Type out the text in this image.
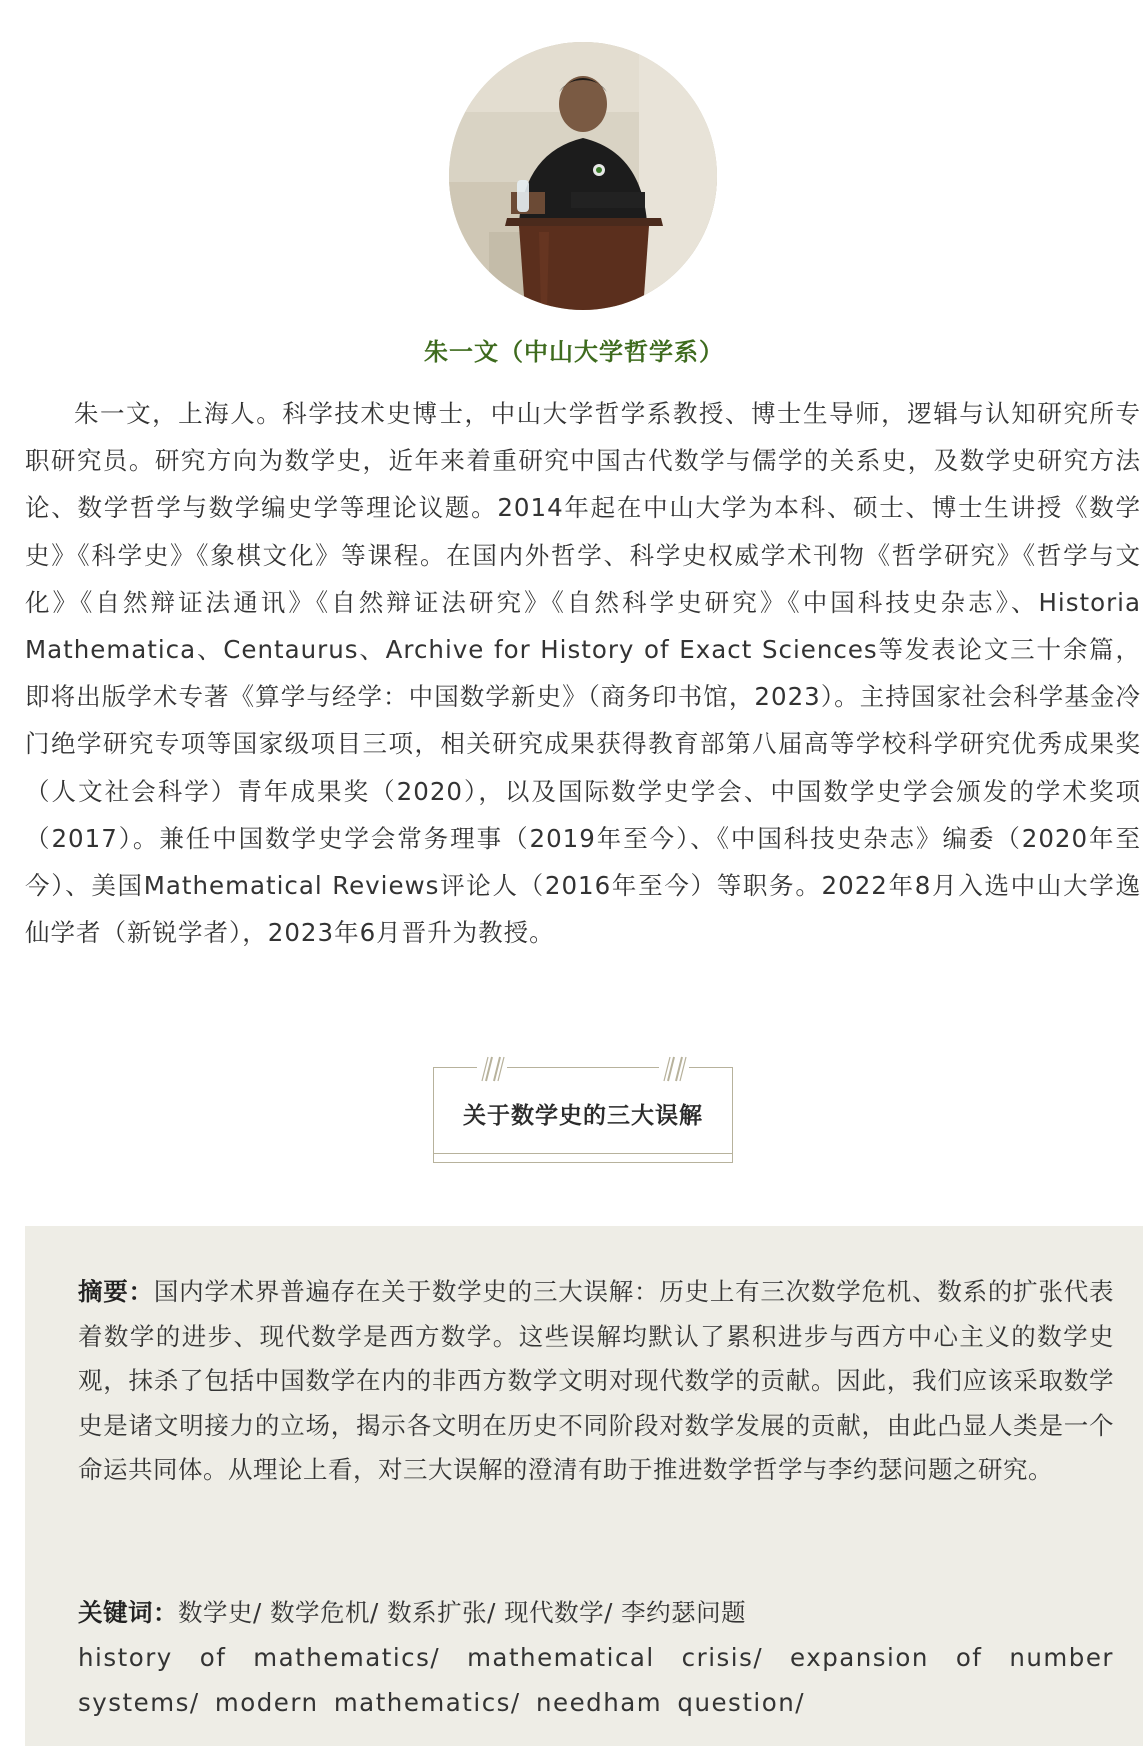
朱一文（中山大学哲学系）

朱一文，上海人。科学技术史博士，中山大学哲学系教授、博士生导师，逻辑与认知研究所专职研究员。研究方向为数学史，近年来着重研究中国古代数学与儒学的关系史，及数学史研究方法论、数学哲学与数学编史学等理论议题。2014年起在中山大学为本科、硕士、博士生讲授《数学史》《科学史》《象棋文化》等课程。在国内外哲学、科学史权威学术刊物《哲学研究》《哲学与文化》《自然辩证法通讯》《自然辩证法研究》《自然科学史研究》《中国科技史杂志》、Historia Mathematica、Centaurus、Archive for History of Exact Sciences等发表论文三十余篇，即将出版学术专著《算学与经学：中国数学新史》（商务印书馆，2023）。主持国家社会科学基金冷门绝学研究专项等国家级项目三项，相关研究成果获得教育部第八届高等学校科学研究优秀成果奖（人文社会科学）青年成果奖（2020），以及国际数学史学会、中国数学史学会颁发的学术奖项（2017）。兼任中国数学史学会常务理事（2019年至今）、《中国科技史杂志》编委（2020年至今）、美国Mathematical Reviews评论人（2016年至今）等职务。2022年8月入选中山大学逸仙学者（新锐学者），2023年6月晋升为教授。

关于数学史的三大误解

摘要：国内学术界普遍存在关于数学史的三大误解：历史上有三次数学危机、数系的扩张代表着数学的进步、现代数学是西方数学。这些误解均默认了累积进步与西方中心主义的数学史观，抹杀了包括中国数学在内的非西方数学文明对现代数学的贡献。因此，我们应该采取数学史是诸文明接力的立场，揭示各文明在历史不同阶段对数学发展的贡献，由此凸显人类是一个命运共同体。从理论上看，对三大误解的澄清有助于推进数学哲学与李约瑟问题之研究。

关键词：数学史/ 数学危机/ 数系扩张/ 现代数学/ 李约瑟问题

history of mathematics/ mathematical crisis/ expansion of number systems/ modern mathematics/ needham question/
